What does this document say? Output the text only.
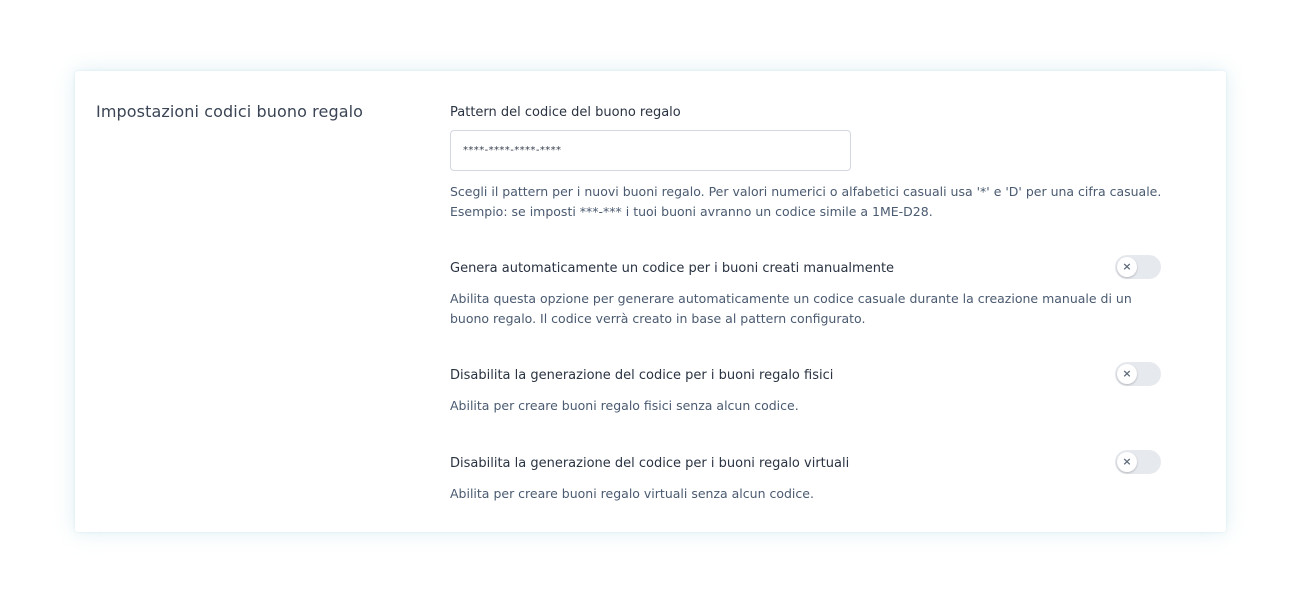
Impostazioni codici buono regalo	Pattern del codice del buono regalo
****-****-****-****

Scegli il pattern per i nuovi buoni regalo. Per valori numerici o alfabetici casuali usa '*' e 'D' per una cifra casuale.
Esempio: se imposti ***-*** i tuoi buoni avranno un codice simile a 1ME-D28.

Genera automaticamente un codice per i buoni creati manualmente	×

Abilita questa opzione per generare automaticamente un codice casuale durante la creazione manuale di un
buono regalo. Il codice verrà creato in base al pattern configurato.

Disabilita la generazione del codice per i buoni regalo fisici	×

Abilita per creare buoni regalo fisici senza alcun codice.

Disabilita la generazione del codice per i buoni regalo virtuali	×

Abilita per creare buoni regalo virtuali senza alcun codice.
